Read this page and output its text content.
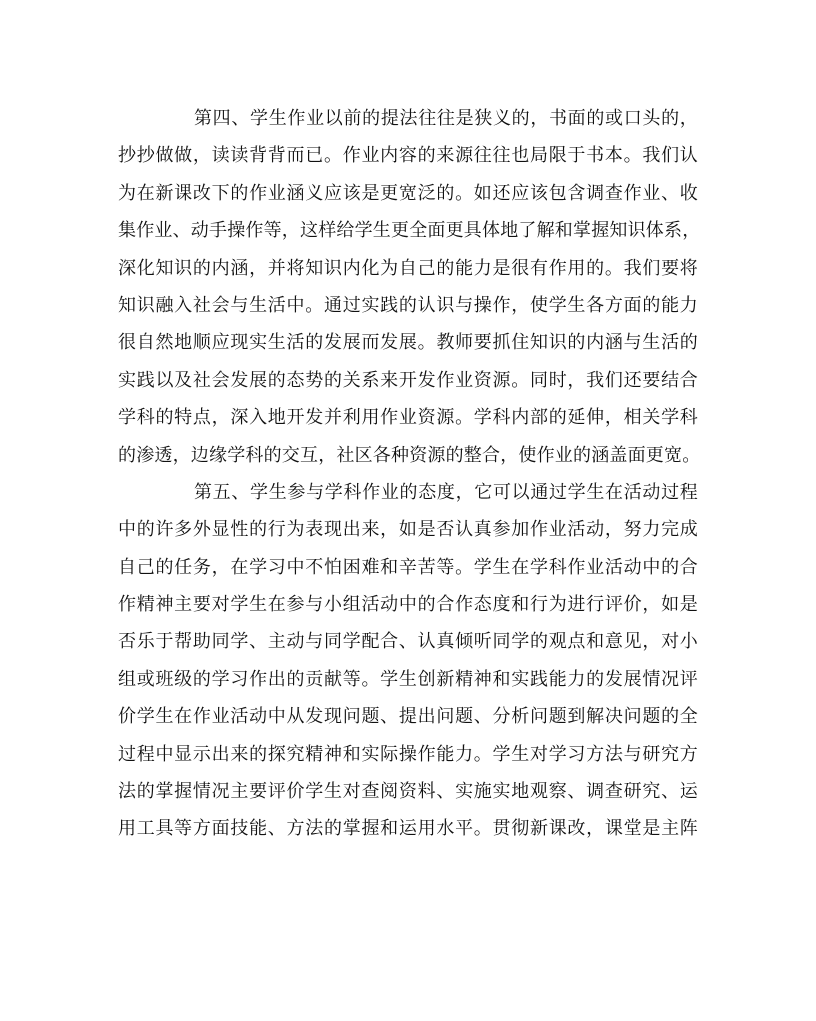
第四、学生作业以前的提法往往是狭义的，书面的或口头的，
抄抄做做，读读背背而已。作业内容的来源往往也局限于书本。我们认
为在新课改下的作业涵义应该是更宽泛的。如还应该包含调查作业、收
集作业、动手操作等，这样给学生更全面更具体地了解和掌握知识体系，
深化知识的内涵，并将知识内化为自己的能力是很有作用的。我们要将
知识融入社会与生活中。通过实践的认识与操作，使学生各方面的能力
很自然地顺应现实生活的发展而发展。教师要抓住知识的内涵与生活的
实践以及社会发展的态势的关系来开发作业资源。同时，我们还要结合
学科的特点，深入地开发并利用作业资源。学科内部的延伸，相关学科
的渗透，边缘学科的交互，社区各种资源的整合，使作业的涵盖面更宽。
第五、学生参与学科作业的态度，它可以通过学生在活动过程
中的许多外显性的行为表现出来，如是否认真参加作业活动，努力完成
自己的任务，在学习中不怕困难和辛苦等。学生在学科作业活动中的合
作精神主要对学生在参与小组活动中的合作态度和行为进行评价，如是
否乐于帮助同学、主动与同学配合、认真倾听同学的观点和意见，对小
组或班级的学习作出的贡献等。学生创新精神和实践能力的发展情况评
价学生在作业活动中从发现问题、提出问题、分析问题到解决问题的全
过程中显示出来的探究精神和实际操作能力。学生对学习方法与研究方
法的掌握情况主要评价学生对查阅资料、实施实地观察、调查研究、运
用工具等方面技能、方法的掌握和运用水平。贯彻新课改，课堂是主阵
